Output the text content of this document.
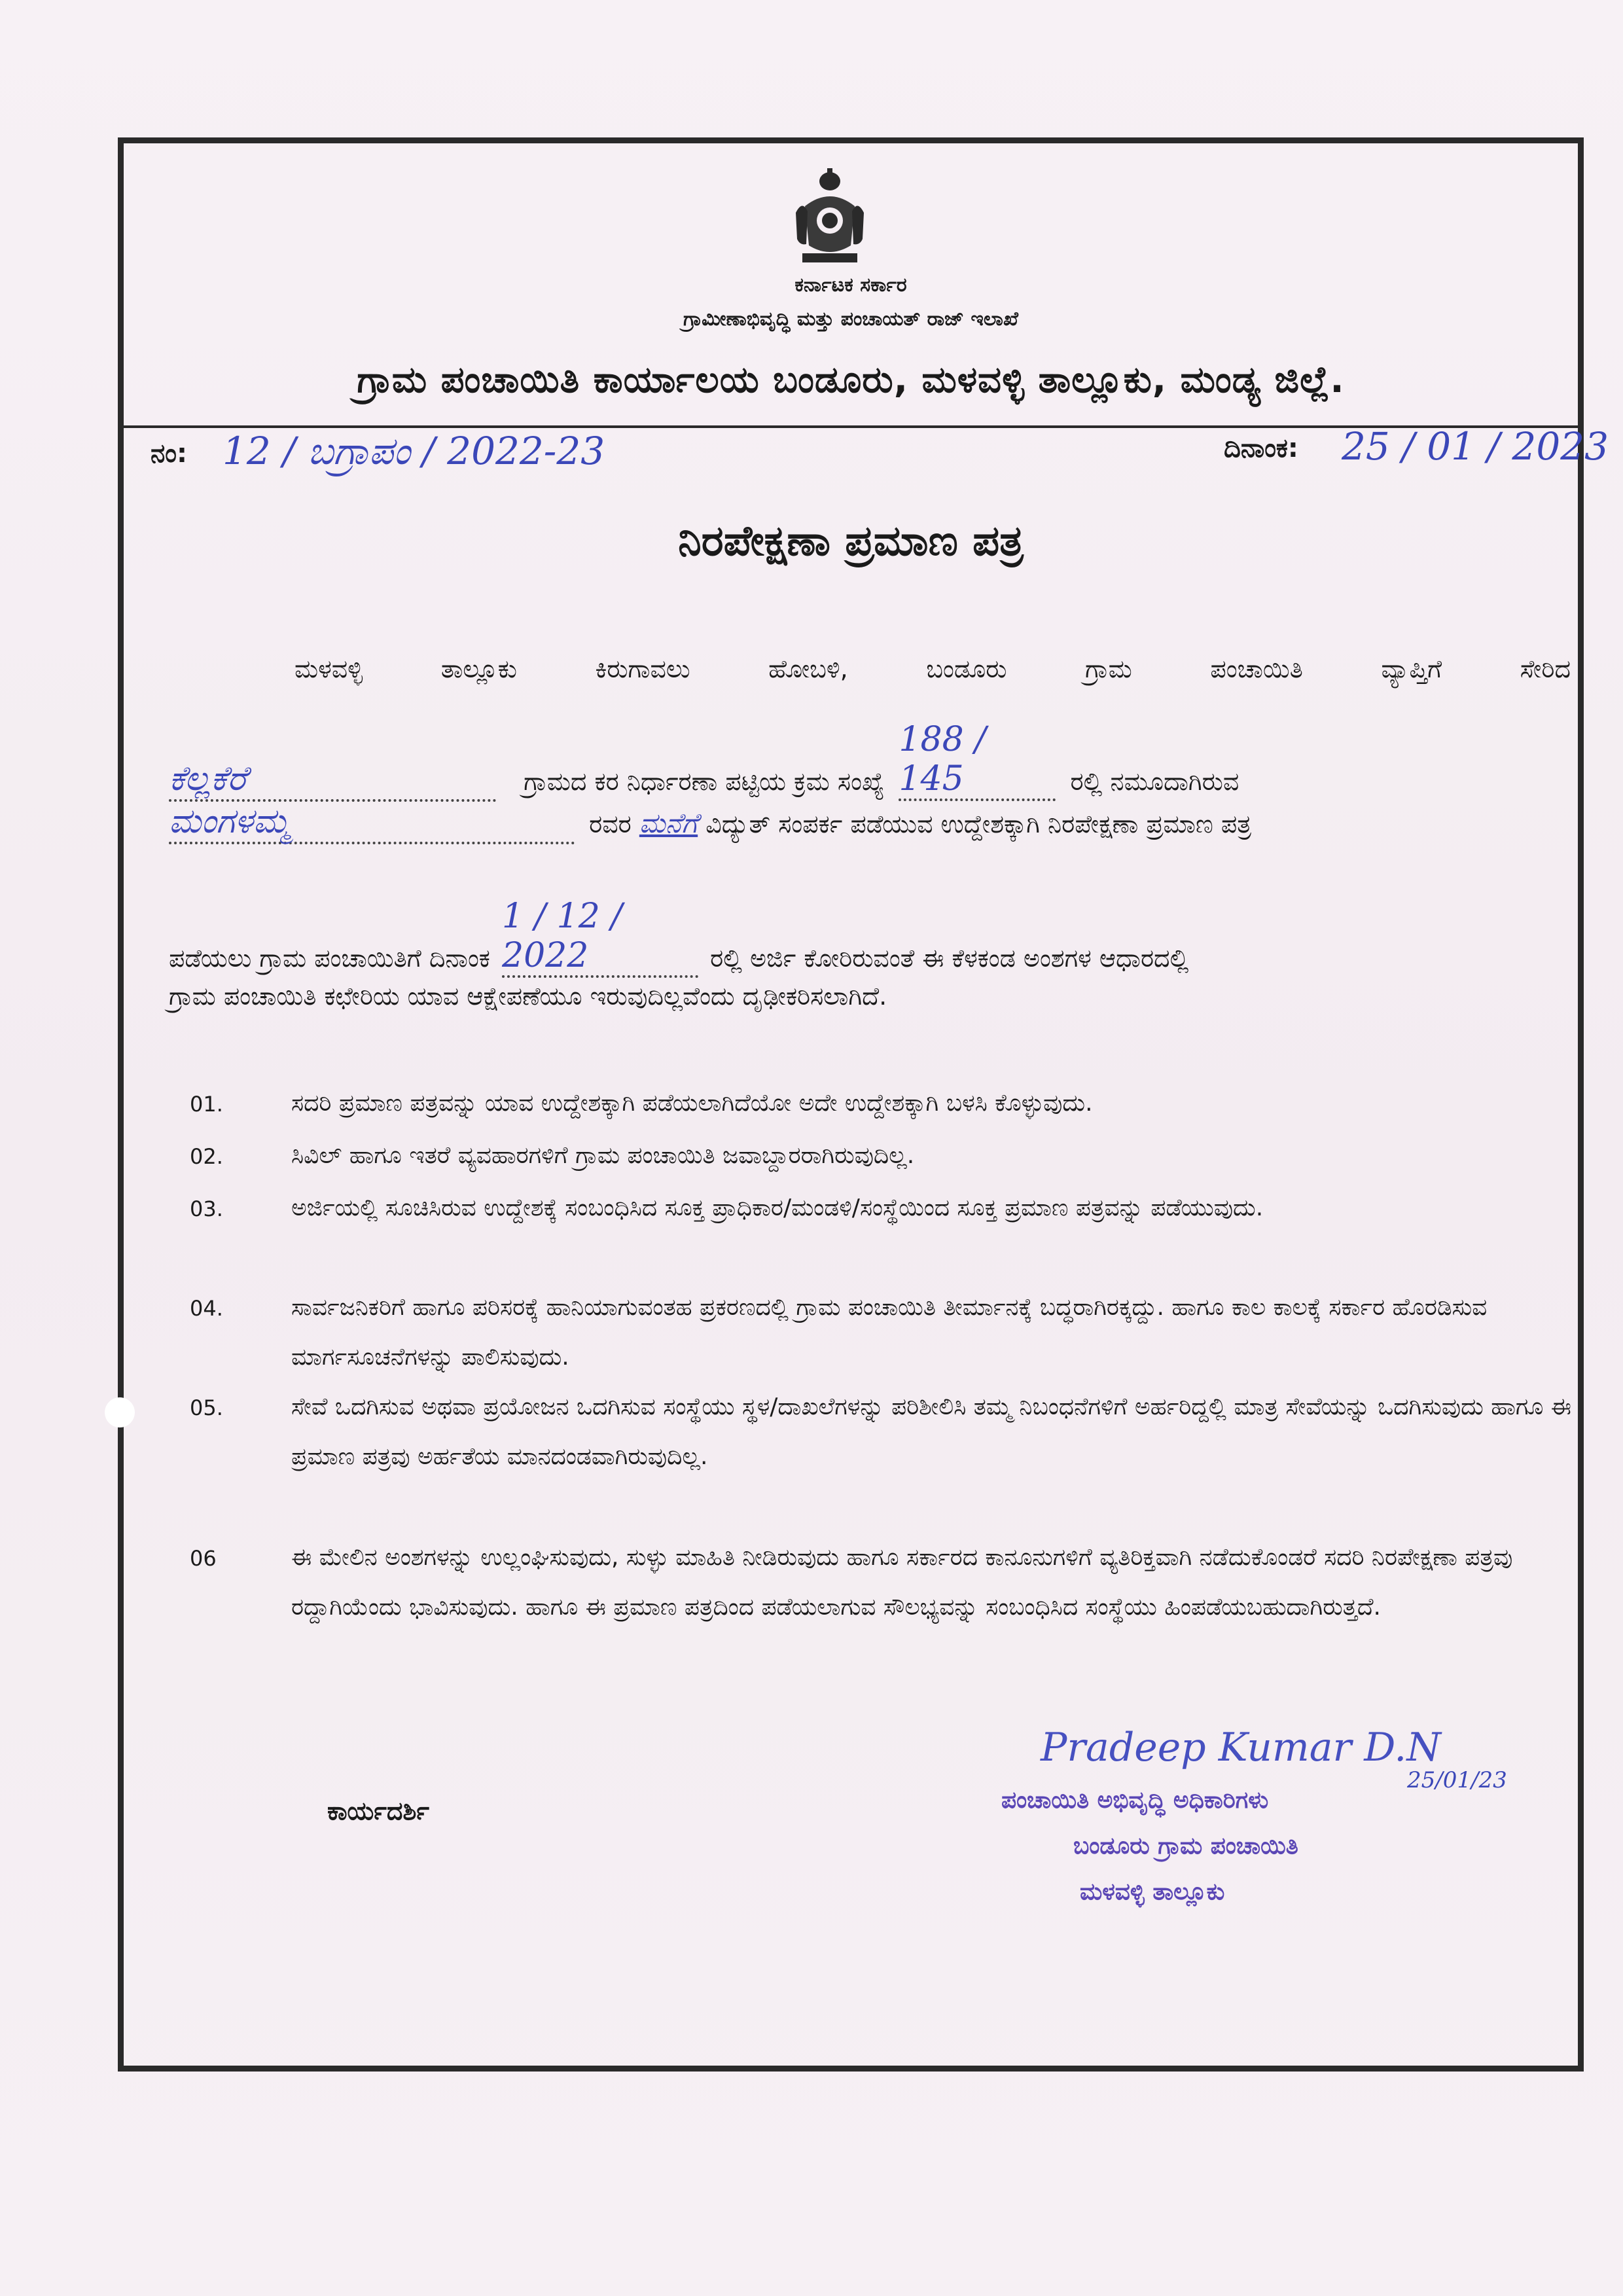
ಕರ್ನಾಟಕ ಸರ್ಕಾರ
ಗ್ರಾಮೀಣಾಭಿವೃದ್ಧಿ ಮತ್ತು ಪಂಚಾಯತ್ ರಾಜ್ ಇಲಾಖೆ
ಗ್ರಾಮ ಪಂಚಾಯಿತಿ ಕಾರ್ಯಾಲಯ ಬಂಡೂರು, ಮಳವಳ್ಳಿ ತಾಲ್ಲೂಕು, ಮಂಡ್ಯ ಜಿಲ್ಲೆ.
ನಂ: 12 / ಬಗ್ರಾಪಂ / 2022-23	ದಿನಾಂಕ: 25 / 01 / 2023
ನಿರಪೇಕ್ಷಣಾ ಪ್ರಮಾಣ ಪತ್ರ
ಮಳವಳ್ಳಿ ತಾಲ್ಲೂಕು ಕಿರುಗಾವಲು ಹೋಬಳಿ, ಬಂಡೂರು ಗ್ರಾಮ ಪಂಚಾಯಿತಿ ವ್ಯಾಪ್ತಿಗೆ ಸೇರಿದ
ಕೆಲ್ಲಕೆರೆ	ಗ್ರಾಮದ ಕರ ನಿರ್ಧಾರಣಾ ಪಟ್ಟಿಯ ಕ್ರಮ ಸಂಖ್ಯೆ 188 / 145	ರಲ್ಲಿ ನಮೂದಾಗಿರುವ
ಮಂಗಳಮ್ಮ	ರವರ ಮನೆಗೆ ವಿದ್ಯುತ್ ಸಂಪರ್ಕ ಪಡೆಯುವ ಉದ್ದೇಶಕ್ಕಾಗಿ ನಿರಪೇಕ್ಷಣಾ ಪ್ರಮಾಣ ಪತ್ರ
ಪಡೆಯಲು ಗ್ರಾಮ ಪಂಚಾಯಿತಿಗೆ ದಿನಾಂಕ 1 / 12 / 2022	ರಲ್ಲಿ ಅರ್ಜಿ ಕೋರಿರುವಂತೆ ಈ ಕೆಳಕಂಡ ಅಂಶಗಳ ಆಧಾರದಲ್ಲಿ
ಗ್ರಾಮ ಪಂಚಾಯಿತಿ ಕಛೇರಿಯ ಯಾವ ಆಕ್ಷೇಪಣೆಯೂ ಇರುವುದಿಲ್ಲವೆಂದು ದೃಢೀಕರಿಸಲಾಗಿದೆ.
01.	ಸದರಿ ಪ್ರಮಾಣ ಪತ್ರವನ್ನು ಯಾವ ಉದ್ದೇಶಕ್ಕಾಗಿ ಪಡೆಯಲಾಗಿದೆಯೋ ಅದೇ ಉದ್ದೇಶಕ್ಕಾಗಿ ಬಳಸಿ ಕೊಳ್ಳುವುದು.
02.	ಸಿವಿಲ್ ಹಾಗೂ ಇತರೆ ವ್ಯವಹಾರಗಳಿಗೆ ಗ್ರಾಮ ಪಂಚಾಯಿತಿ ಜವಾಬ್ದಾರರಾಗಿರುವುದಿಲ್ಲ.
03.	ಅರ್ಜಿಯಲ್ಲಿ ಸೂಚಿಸಿರುವ ಉದ್ದೇಶಕ್ಕೆ ಸಂಬಂಧಿಸಿದ ಸೂಕ್ತ ಪ್ರಾಧಿಕಾರ/ಮಂಡಳಿ/ಸಂಸ್ಥೆಯಿಂದ ಸೂಕ್ತ ಪ್ರಮಾಣ ಪತ್ರವನ್ನು ಪಡೆಯುವುದು.
04.	ಸಾರ್ವಜನಿಕರಿಗೆ ಹಾಗೂ ಪರಿಸರಕ್ಕೆ ಹಾನಿಯಾಗುವಂತಹ ಪ್ರಕರಣದಲ್ಲಿ ಗ್ರಾಮ ಪಂಚಾಯಿತಿ ತೀರ್ಮಾನಕ್ಕೆ ಬದ್ಧರಾಗಿರಕ್ಕದ್ದು. ಹಾಗೂ ಕಾಲ ಕಾಲಕ್ಕೆ ಸರ್ಕಾರ ಹೊರಡಿಸುವ ಮಾರ್ಗಸೂಚನೆಗಳನ್ನು ಪಾಲಿಸುವುದು.
05.	ಸೇವೆ ಒದಗಿಸುವ ಅಥವಾ ಪ್ರಯೋಜನ ಒದಗಿಸುವ ಸಂಸ್ಥೆಯು ಸ್ಥಳ/ದಾಖಲೆಗಳನ್ನು ಪರಿಶೀಲಿಸಿ ತಮ್ಮ ನಿಬಂಧನೆಗಳಿಗೆ ಅರ್ಹರಿದ್ದಲ್ಲಿ ಮಾತ್ರ ಸೇವೆಯನ್ನು ಒದಗಿಸುವುದು ಹಾಗೂ ಈ ಪ್ರಮಾಣ ಪತ್ರವು ಅರ್ಹತೆಯ ಮಾನದಂಡವಾಗಿರುವುದಿಲ್ಲ.
06	ಈ ಮೇಲಿನ ಅಂಶಗಳನ್ನು ಉಲ್ಲಂಘಿಸುವುದು, ಸುಳ್ಳು ಮಾಹಿತಿ ನೀಡಿರುವುದು ಹಾಗೂ ಸರ್ಕಾರದ ಕಾನೂನುಗಳಿಗೆ ವ್ಯತಿರಿಕ್ತವಾಗಿ ನಡೆದುಕೊಂಡರೆ ಸದರಿ ನಿರಪೇಕ್ಷಣಾ ಪತ್ರವು ರದ್ದಾಗಿಯೆಂದು ಭಾವಿಸುವುದು. ಹಾಗೂ ಈ ಪ್ರಮಾಣ ಪತ್ರದಿಂದ ಪಡೆಯಲಾಗುವ ಸೌಲಭ್ಯವನ್ನು ಸಂಬಂಧಿಸಿದ ಸಂಸ್ಥೆಯು ಹಿಂಪಡೆಯಬಹುದಾಗಿರುತ್ತದೆ.
ಕಾರ್ಯದರ್ಶಿ
Pradeep Kumar D.N
25/01/23
ಪಂಚಾಯಿತಿ ಅಭಿವೃದ್ಧಿ ಅಧಿಕಾರಿಗಳು
ಬಂಡೂರು ಗ್ರಾಮ ಪಂಚಾಯಿತಿ
ಮಳವಳ್ಳಿ ತಾಲ್ಲೂಕು
